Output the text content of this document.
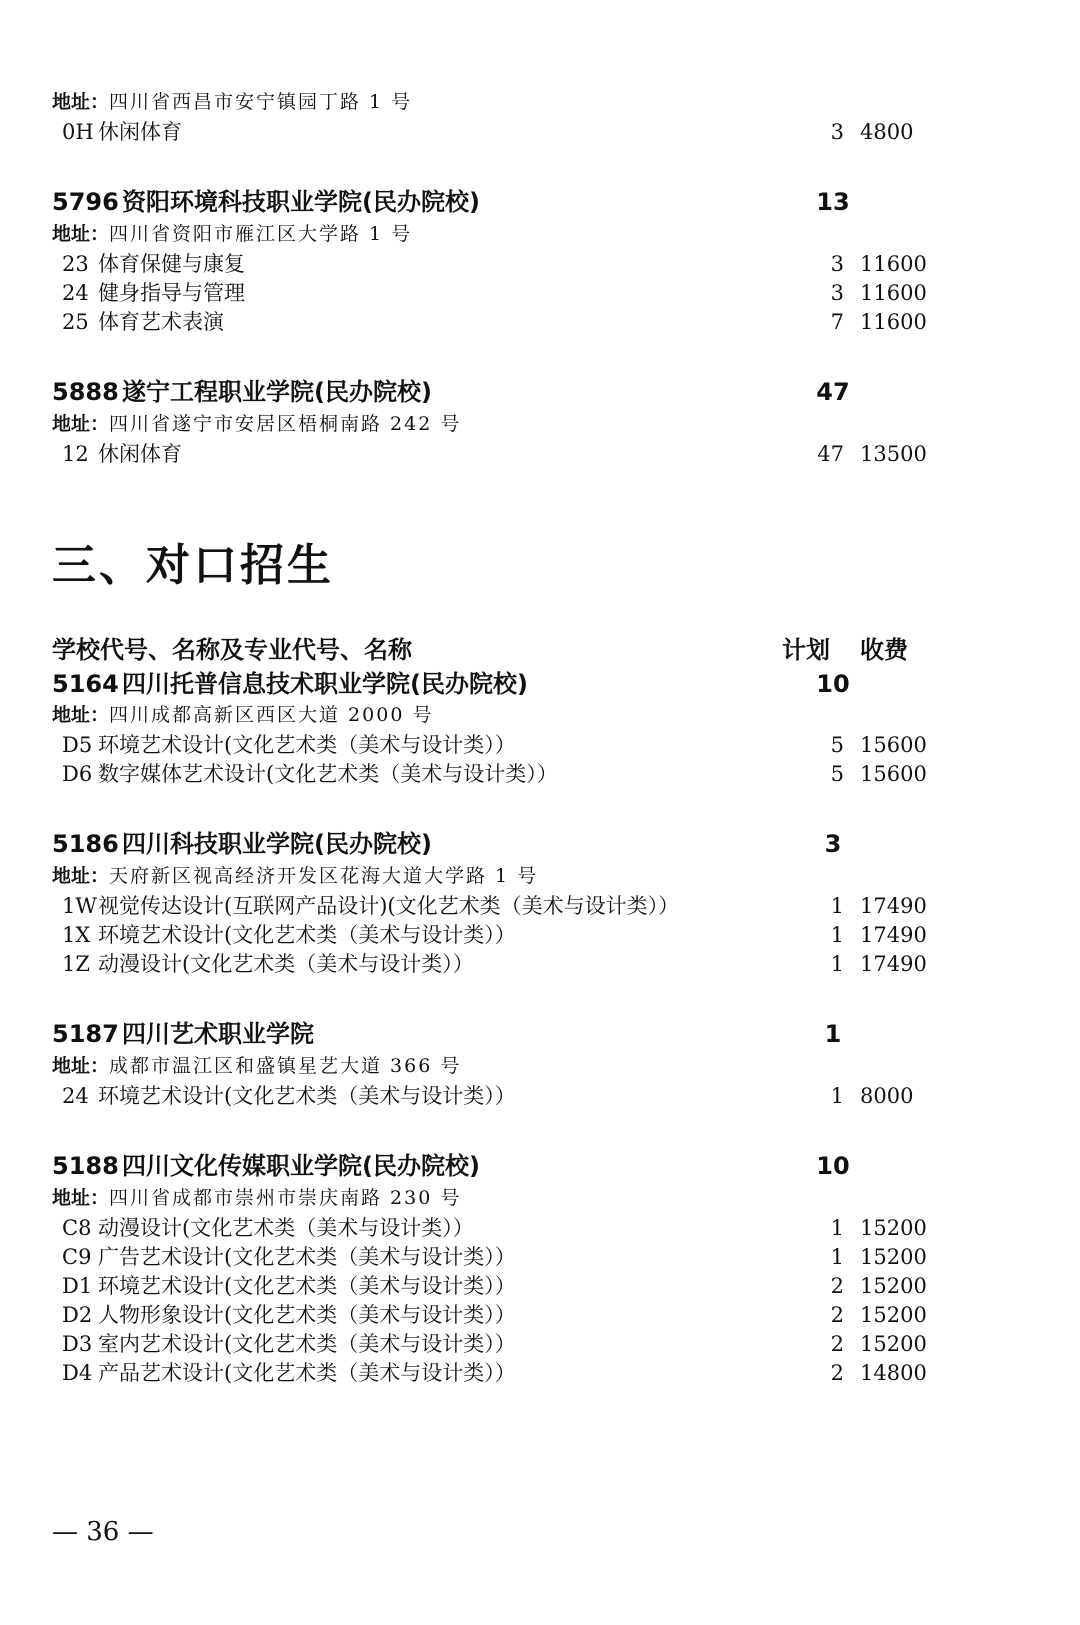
地址：四川省西昌市安宁镇园丁路 1 号
0H 休闲体育	3 4800
5796 资阳环境科技职业学院(民办院校)	13
地址：四川省资阳市雁江区大学路 1 号
23 体育保健与康复	3 11600
24 健身指导与管理	3 11600
25 体育艺术表演	7 11600
5888 遂宁工程职业学院(民办院校)	47
地址：四川省遂宁市安居区梧桐南路 242 号
12 休闲体育	47 13500
三、对口招生
学校代号、名称及专业代号、名称	计划 收费
5164 四川托普信息技术职业学院(民办院校)	10
地址：四川成都高新区西区大道 2000 号
D5 环境艺术设计(文化艺术类（美术与设计类））	5 15600
D6 数字媒体艺术设计(文化艺术类（美术与设计类））	5 15600
5186 四川科技职业学院(民办院校)	3
地址：天府新区视高经济开发区花海大道大学路 1 号
1W视觉传达设计(互联网产品设计)(文化艺术类（美术与设计类））	1 17490
1X 环境艺术设计(文化艺术类（美术与设计类））	1 17490
1Z 动漫设计(文化艺术类（美术与设计类））	1 17490
5187 四川艺术职业学院	1
地址：成都市温江区和盛镇星艺大道 366 号
24 环境艺术设计(文化艺术类（美术与设计类））	1 8000
5188 四川文化传媒职业学院(民办院校)	10
地址：四川省成都市崇州市崇庆南路 230 号
C8 动漫设计(文化艺术类（美术与设计类））	1 15200
C9 广告艺术设计(文化艺术类（美术与设计类））	1 15200
D1 环境艺术设计(文化艺术类（美术与设计类））	2 15200
D2 人物形象设计(文化艺术类（美术与设计类））	2 15200
D3 室内艺术设计(文化艺术类（美术与设计类））	2 15200
D4 产品艺术设计(文化艺术类（美术与设计类））	2 14800
— 36 —
